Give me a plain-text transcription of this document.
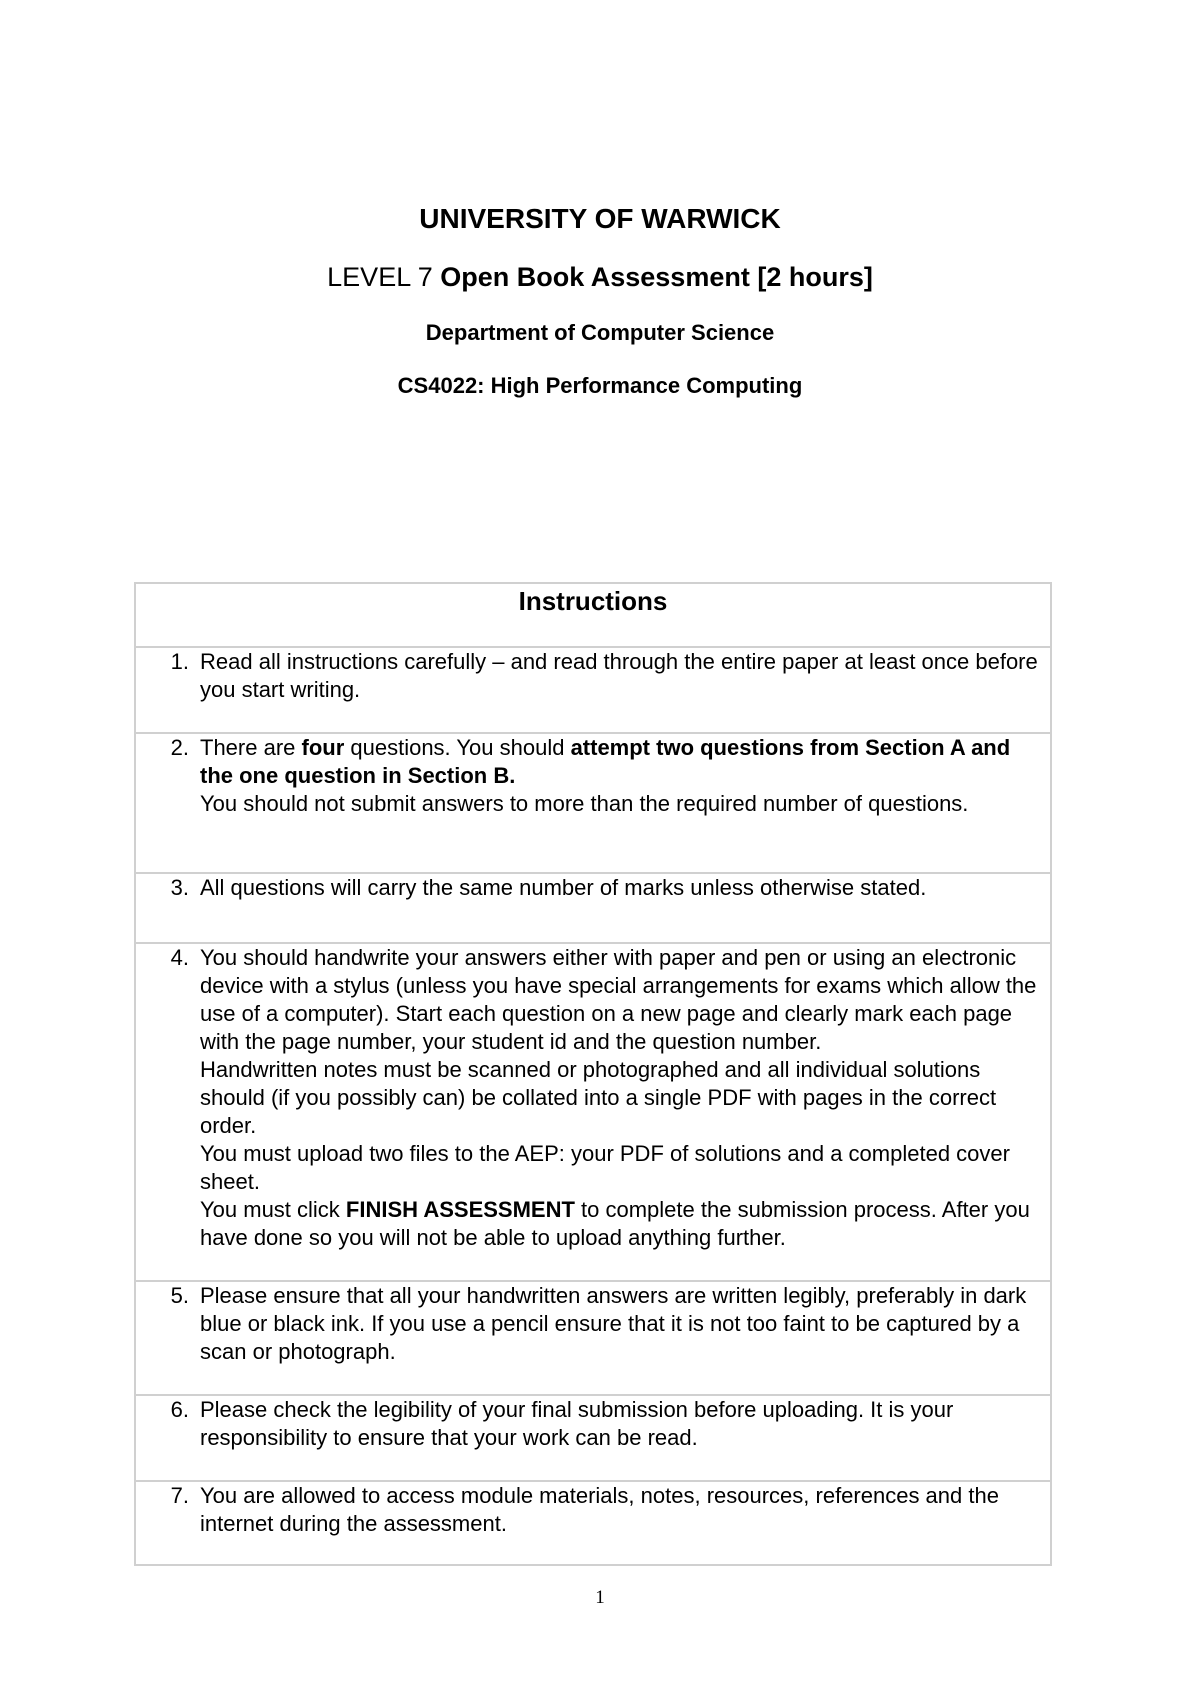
UNIVERSITY OF WARWICK
LEVEL 7 Open Book Assessment [2 hours]
Department of Computer Science
CS4022: High Performance Computing
Instructions
1. Read all instructions carefully – and read through the entire paper at least once before you start writing.
2. There are four questions. You should attempt two questions from Section A and the one question in Section B.

You should not submit answers to more than the required number of questions.

3. All questions will carry the same number of marks unless otherwise stated.
4. You should handwrite your answers either with paper and pen or using an electronic device with a stylus (unless you have special arrangements for exams which allow the use of a computer). Start each question on a new page and clearly mark each page with the page number, your student id and the question number.

Handwritten notes must be scanned or photographed and all individual solutions should (if you possibly can) be collated into a single PDF with pages in the correct order.

You must upload two files to the AEP: your PDF of solutions and a completed cover sheet.

You must click FINISH ASSESSMENT to complete the submission process. After you have done so you will not be able to upload anything further.

5. Please ensure that all your handwritten answers are written legibly, preferably in dark blue or black ink. If you use a pencil ensure that it is not too faint to be captured by a scan or photograph.
6. Please check the legibility of your final submission before uploading. It is your responsibility to ensure that your work can be read.
7. You are allowed to access module materials, notes, resources, references and the internet during the assessment.
1
